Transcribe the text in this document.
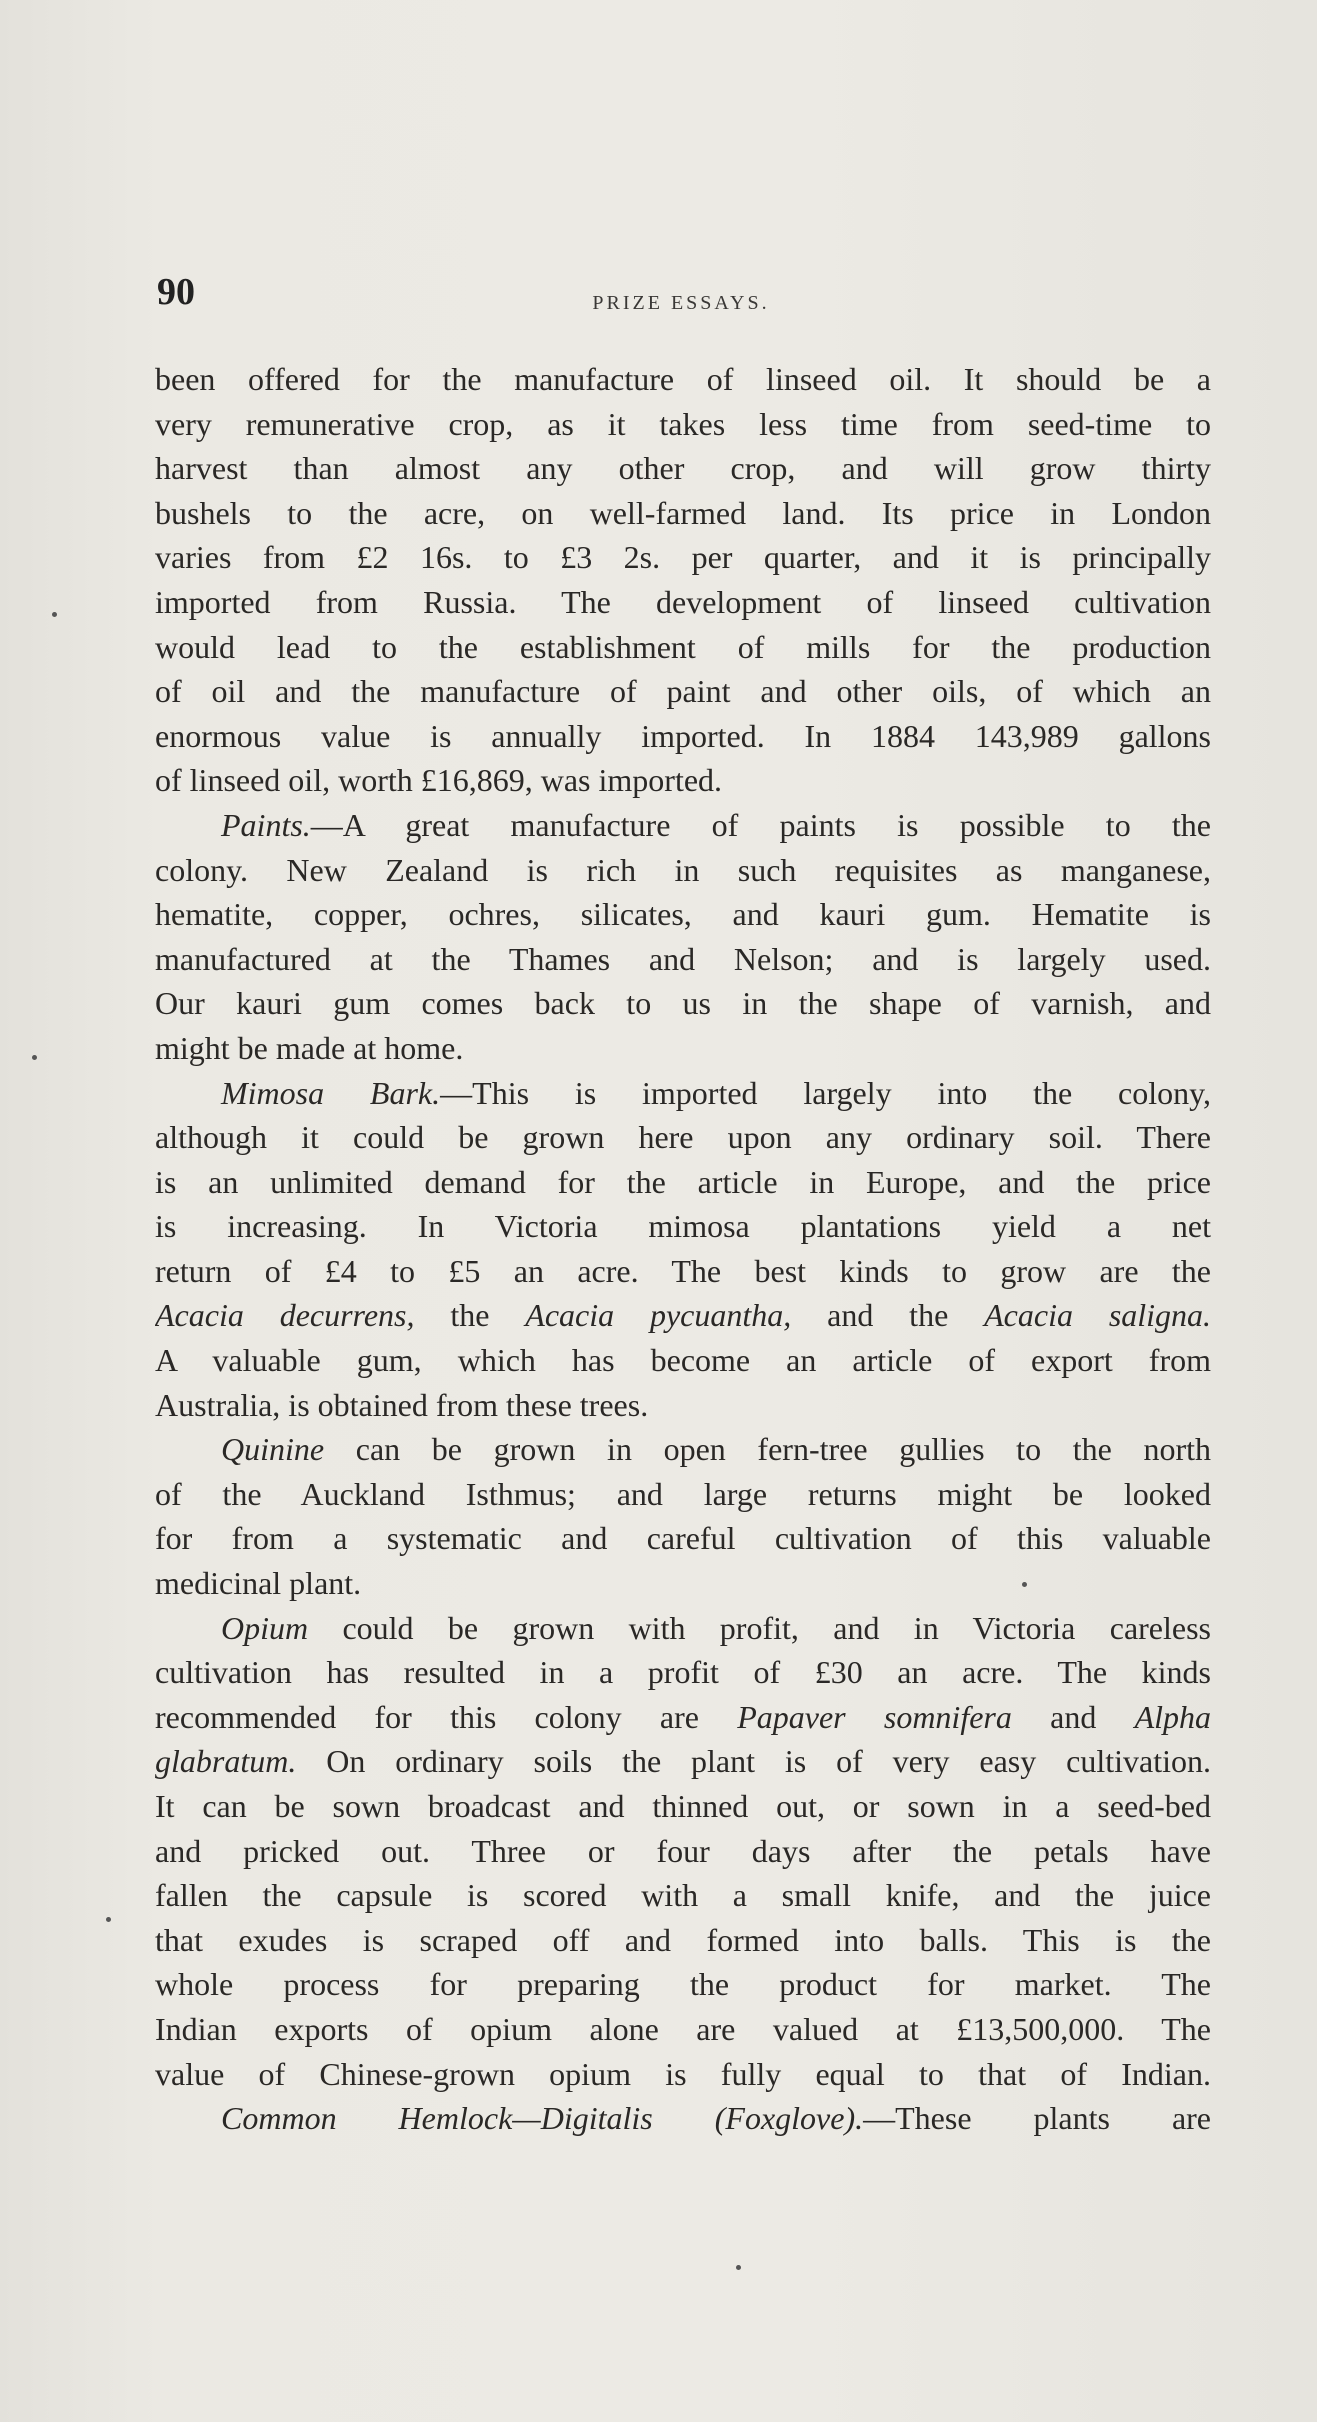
90	PRIZE ESSAYS.
been offered for the manufacture of linseed oil. It should be a
very remunerative crop, as it takes less time from seed-time to
harvest than almost any other crop, and will grow thirty
bushels to the acre, on well-farmed land. Its price in London
varies from £2 16s. to £3 2s. per quarter, and it is principally
imported from Russia. The development of linseed cultivation
would lead to the establishment of mills for the production
of oil and the manufacture of paint and other oils, of which an
enormous value is annually imported. In 1884 143,989 gallons
of linseed oil, worth £16,869, was imported.
Paints.—A great manufacture of paints is possible to the
colony. New Zealand is rich in such requisites as manganese,
hematite, copper, ochres, silicates, and kauri gum. Hematite is
manufactured at the Thames and Nelson; and is largely used.
Our kauri gum comes back to us in the shape of varnish, and
might be made at home.
Mimosa Bark.—This is imported largely into the colony,
although it could be grown here upon any ordinary soil. There
is an unlimited demand for the article in Europe, and the price
is increasing. In Victoria mimosa plantations yield a net
return of £4 to £5 an acre. The best kinds to grow are the
Acacia decurrens, the Acacia pycuantha, and the Acacia saligna.
A valuable gum, which has become an article of export from
Australia, is obtained from these trees.
Quinine can be grown in open fern-tree gullies to the north
of the Auckland Isthmus; and large returns might be looked
for from a systematic and careful cultivation of this valuable
medicinal plant.
Opium could be grown with profit, and in Victoria careless
cultivation has resulted in a profit of £30 an acre. The kinds
recommended for this colony are Papaver somnifera and Alpha
glabratum. On ordinary soils the plant is of very easy cultivation.
It can be sown broadcast and thinned out, or sown in a seed-bed
and pricked out. Three or four days after the petals have
fallen the capsule is scored with a small knife, and the juice
that exudes is scraped off and formed into balls. This is the
whole process for preparing the product for market. The
Indian exports of opium alone are valued at £13,500,000. The
value of Chinese-grown opium is fully equal to that of Indian.
Common Hemlock—Digitalis (Foxglove).—These plants are
